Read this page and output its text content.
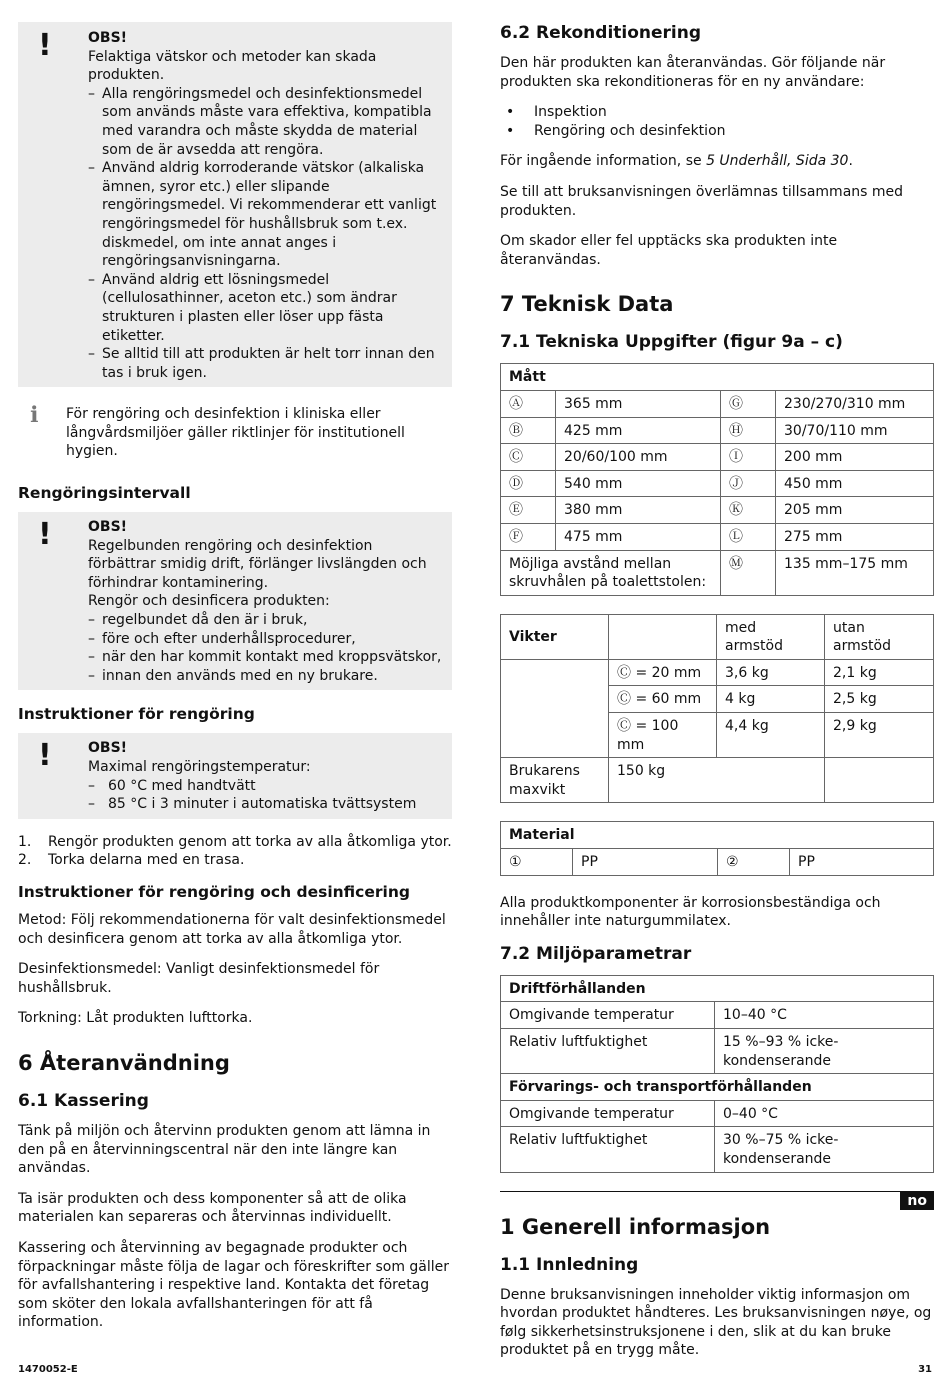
!	OBS!
Felaktiga vätskor och metoder kan skada produkten.
– Alla rengöringsmedel och desinfektionsmedel som används måste vara effektiva, kompatibla med varandra och måste skydda de material som de är avsedda att rengöra.
– Använd aldrig korroderande vätskor (alkaliska ämnen, syror etc.) eller slipande rengöringsmedel. Vi rekommenderar ett vanligt rengöringsmedel för hushållsbruk som t.ex. diskmedel, om inte annat anges i rengöringsanvisningarna.
– Använd aldrig ett lösningsmedel (cellulosathinner, aceton etc.) som ändrar strukturen i plasten eller löser upp fästa etiketter.
– Se alltid till att produkten är helt torr innan den tas i bruk igen.
ℹ	För rengöring och desinfektion i kliniska eller långvårdsmiljöer gäller riktlinjer för institutionell hygien.
Rengöringsintervall
!	OBS!
Regelbunden rengöring och desinfektion förbättrar smidig drift, förlänger livslängden och förhindrar kontaminering.
Rengör och desinficera produkten:
– regelbundet då den är i bruk,
– före och efter underhållsprocedurer,
– när den har kommit kontakt med kroppsvätskor,
– innan den används med en ny brukare.
Instruktioner för rengöring
!	OBS!
Maximal rengöringstemperatur:
– 60 °C med handtvätt
– 85 °C i 3 minuter i automatiska tvättsystem
1.	Rengör produkten genom att torka av alla åtkomliga ytor.
2.	Torka delarna med en trasa.
Instruktioner för rengöring och desinficering

Metod: Följ rekommendationerna för valt desinfektionsmedel och desinficera genom att torka av alla åtkomliga ytor.

Desinfektionsmedel: Vanligt desinfektionsmedel för hushållsbruk.

Torkning: Låt produkten lufttorka.

6 Återanvändning
6.1 Kassering

Tänk på miljön och återvinn produkten genom att lämna in den på en återvinningscentral när den inte längre kan användas.

Ta isär produkten och dess komponenter så att de olika materialen kan separeras och återvinnas individuellt.

Kassering och återvinning av begagnade produkter och förpackningar måste följa de lagar och föreskrifter som gäller för avfallshantering i respektive land. Kontakta det företag som sköter den lokala avfallshanteringen för att få information.

6.2 Rekonditionering

Den här produkten kan återanvändas. Gör följande när produkten ska rekonditioneras för en ny användare:

•	Inspektion
•	Rengöring och desinfektion

För ingående information, se 5 Underhåll, Sida 30.

Se till att bruksanvisningen överlämnas tillsammans med produkten.

Om skador eller fel upptäcks ska produkten inte återanvändas.

7 Teknisk Data
7.1 Tekniska Uppgifter (figur 9a – c)
Mått			
Ⓐ	365 mm	Ⓖ	230/270/310 mm
Ⓑ	425 mm	Ⓗ	30/70/110 mm
Ⓒ	20/60/100 mm	Ⓘ	200 mm
Ⓓ	540 mm	Ⓙ	450 mm
Ⓔ	380 mm	Ⓚ	205 mm
Ⓕ	475 mm	Ⓛ	275 mm
Möjliga avstånd mellan skruvhålen på toalettstolen:		Ⓜ	135 mm–175 mm
Vikter		med armstöd	utan armstöd
	Ⓒ = 20 mm	3,6 kg	2,1 kg
	Ⓒ = 60 mm	4 kg	2,5 kg
	Ⓒ = 100 mm	4,4 kg	2,9 kg
Brukarens maxvikt	150 kg		
Material
①	PP	②	PP

Alla produktkomponenter är korrosionsbeständiga och innehåller inte naturgummilatex.

7.2 Miljöparametrar
Driftförhållanden	
Omgivande temperatur	10–40 °C
Relativ luftfuktighet	15 %–93 % icke-kondenserande
Förvarings- och transportförhållanden	
Omgivande temperatur	0–40 °C
Relativ luftfuktighet	30 %–75 % icke-kondenserande
no
1 Generell informasjon
1.1 Innledning

Denne bruksanvisningen inneholder viktig informasjon om hvordan produktet håndteres. Les bruksanvisningen nøye, og følg sikkerhetsinstruksjonene i den, slik at du kan bruke produktet på en trygg måte.

1470052-E	31
